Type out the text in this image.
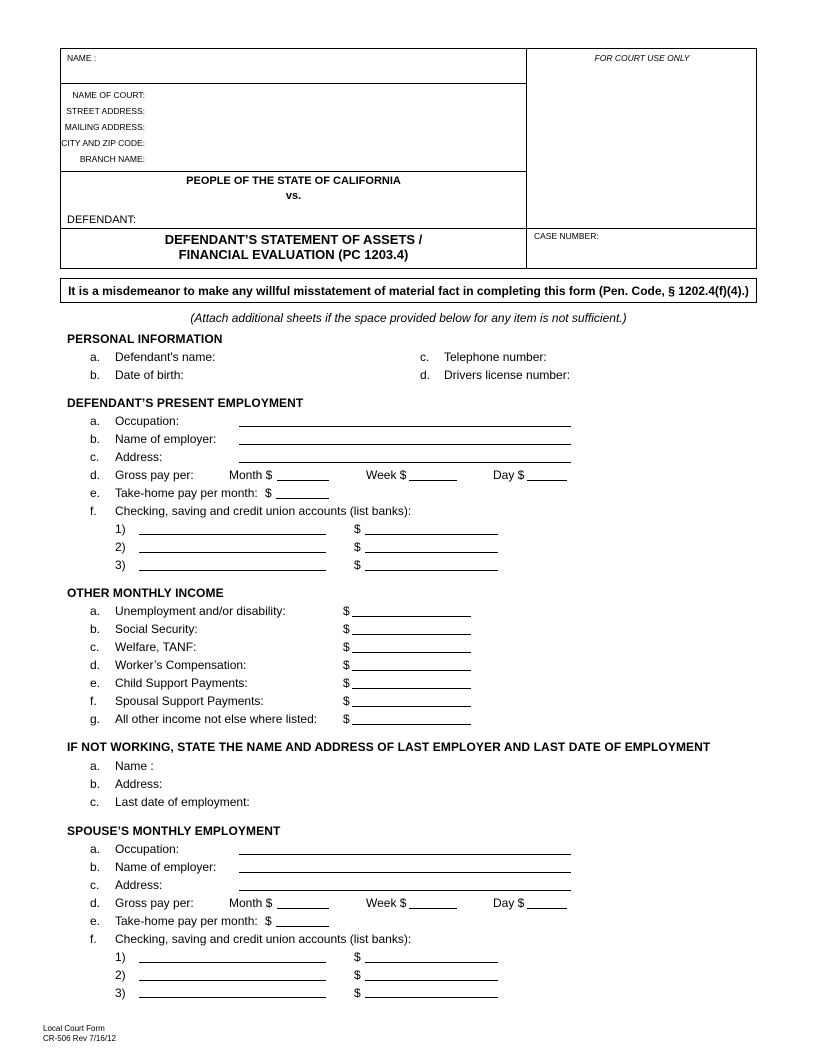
NAME :	FOR COURT USE ONLY
NAME OF COURT:
STREET ADDRESS:
MAILING ADDRESS:
CITY AND ZIP CODE:
BRANCH NAME:
PEOPLE OF THE STATE OF CALIFORNIA
vs.
DEFENDANT:
DEFENDANT’S STATEMENT OF ASSETS /
FINANCIAL EVALUATION (PC 1203.4)
CASE NUMBER:
It is a misdemeanor to make any willful misstatement of material fact in completing this form (Pen. Code, § 1202.4(f)(4).)
(Attach additional sheets if the space provided below for any item is not sufficient.)
PERSONAL INFORMATION
a. Defendant's name:
b. Date of birth:
c. Telephone number:
d. Drivers license number:
DEFENDANT’S PRESENT EMPLOYMENT
a. Occupation:
b. Name of employer:
c. Address:
d. Gross pay per:	Month $	Week $	Day $
e. Take-home pay per month: $
f. Checking, saving and credit union accounts (list banks):
1)	$
2)	$
3)	$
OTHER MONTHLY INCOME
a. Unemployment and/or disability:	$
b. Social Security:	$
c. Welfare, TANF:	$
d. Worker’s Compensation:	$
e. Child Support Payments:	$
f. Spousal Support Payments:	$
g. All other income not else where listed: $
IF NOT WORKING, STATE THE NAME AND ADDRESS OF LAST EMPLOYER AND LAST DATE OF EMPLOYMENT
a. Name :
b. Address:
c. Last date of employment:
SPOUSE’S MONTHLY EMPLOYMENT
a. Occupation:
b. Name of employer:
c. Address:
d. Gross pay per:	Month $	Week $	Day $
e. Take-home pay per month: $
f. Checking, saving and credit union accounts (list banks):
1)	$
2)	$
3)	$
Local Court Form
CR-506 Rev 7/16/12
